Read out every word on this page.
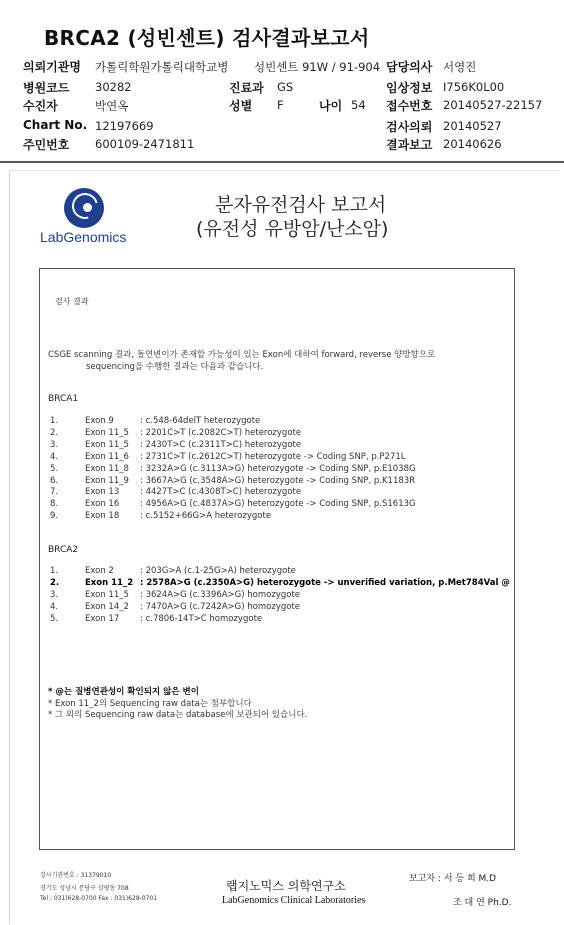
BRCA2 (성빈센트) 검사결과보고서
의뢰기관명 가톨릭학원가톨릭대학교병 성빈센트 91W / 91-904 담당의사 서영진
병원코드 30282	진료과 GS	임상정보 I756K0L00
수진자	박연옥	성별 F	나이 54 접수번호 20140527-22157
Chart No. 12197669	검사의뢰 20140527
주민번호 600109-2471811	결과보고 20140626
LabGenomics
분자유전검사 보고서
(유전성 유방암/난소암)
검사 결과
CSGE scanning 결과, 돌연변이가 존재할 가능성이 있는 Exon에 대하여 forward, reverse 양방향으로
sequencing을 수행한 결과는 다음과 같습니다.
BRCA1
1.	Exon 9	: c.548-64delT heterozygote
2.	Exon 11_5 : 2201C>T (c.2082C>T) heterozygote
3.	Exon 11_5 : 2430T>C (c.2311T>C) heterozygote
4.	Exon 11_6 : 2731C>T (c.2612C>T) heterozygote -> Coding SNP, p.P271L
5.	Exon 11_8 : 3232A>G (c.3113A>G) heterozygote -> Coding SNP, p.E1038G
6.	Exon 11_9 : 3667A>G (c.3548A>G) heterozygote -> Coding SNP, p.K1183R
7.	Exon 13 : 4427T>C (c.4308T>C) heterozygote
8.	Exon 16 : 4956A>G (c.4837A>G) heterozygote -> Coding SNP, p.S1613G
9.	Exon 18 : c.5152+66G>A heterozygote
BRCA2
1.	Exon 2	: 203G>A (c.1-25G>A) heterozygote
2.	Exon 11_2 : 2578A>G (c.2350A>G) heterozygote -> unverified variation, p.Met784Val @
3.	Exon 11_5 : 3624A>G (c.3396A>G) homozygote
4.	Exon 14_2 : 7470A>G (c.7242A>G) homozygote
5.	Exon 17 : c.7806-14T>C homozygote
* @는 질병연관성이 확인되지 않은 변이
* Exon 11_2의 Sequencing raw data는 첨부합니다
* 그 외의 Sequencing raw data는 database에 보관되어 있습니다.
검사기관번호 : 31379010
경기도 성남시 분당구 삼평동 708
Tel : 031)628-0700 Fax : 031)628-0701
랩지노믹스 의학연구소
LabGenomics Clinical Laboratories
보고자 : 서 등 희 M.D
조 대 연 Ph.D.
